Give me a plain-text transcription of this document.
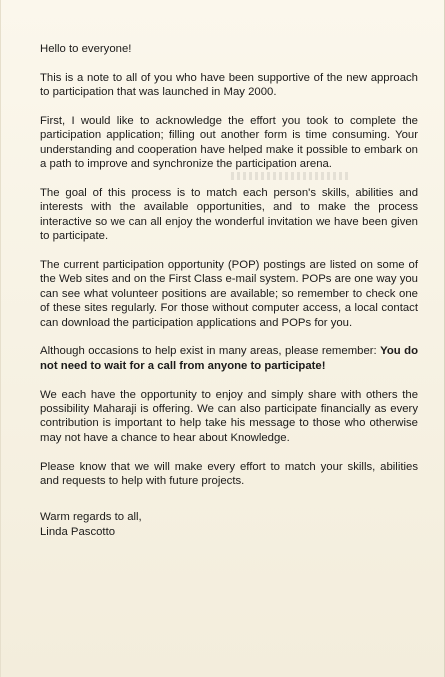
Hello to everyone!

This is a note to all of you who have been supportive of the new approach to participation that was launched in May 2000.

First, I would like to acknowledge the effort you took to complete the participation application; filling out another form is time consuming. Your understanding and cooperation have helped make it possible to embark on a path to improve and synchronize the participation arena.

The goal of this process is to match each person's skills, abilities and interests with the available opportunities, and to make the process interactive so we can all enjoy the wonderful invitation we have been given to participate.

The current participation opportunity (POP) postings are listed on some of the Web sites and on the First Class e-mail system. POPs are one way you can see what volunteer positions are available; so remember to check one of these sites regularly. For those without computer access, a local contact can download the participation applications and POPs for you.

Although occasions to help exist in many areas, please remember: You do not need to wait for a call from anyone to participate!

We each have the opportunity to enjoy and simply share with others the possibility Maharaji is offering. We can also participate financially as every contribution is important to help take his message to those who otherwise may not have a chance to hear about Knowledge.

Please know that we will make every effort to match your skills, abilities and requests to help with future projects.

Warm regards to all,
Linda Pascotto
